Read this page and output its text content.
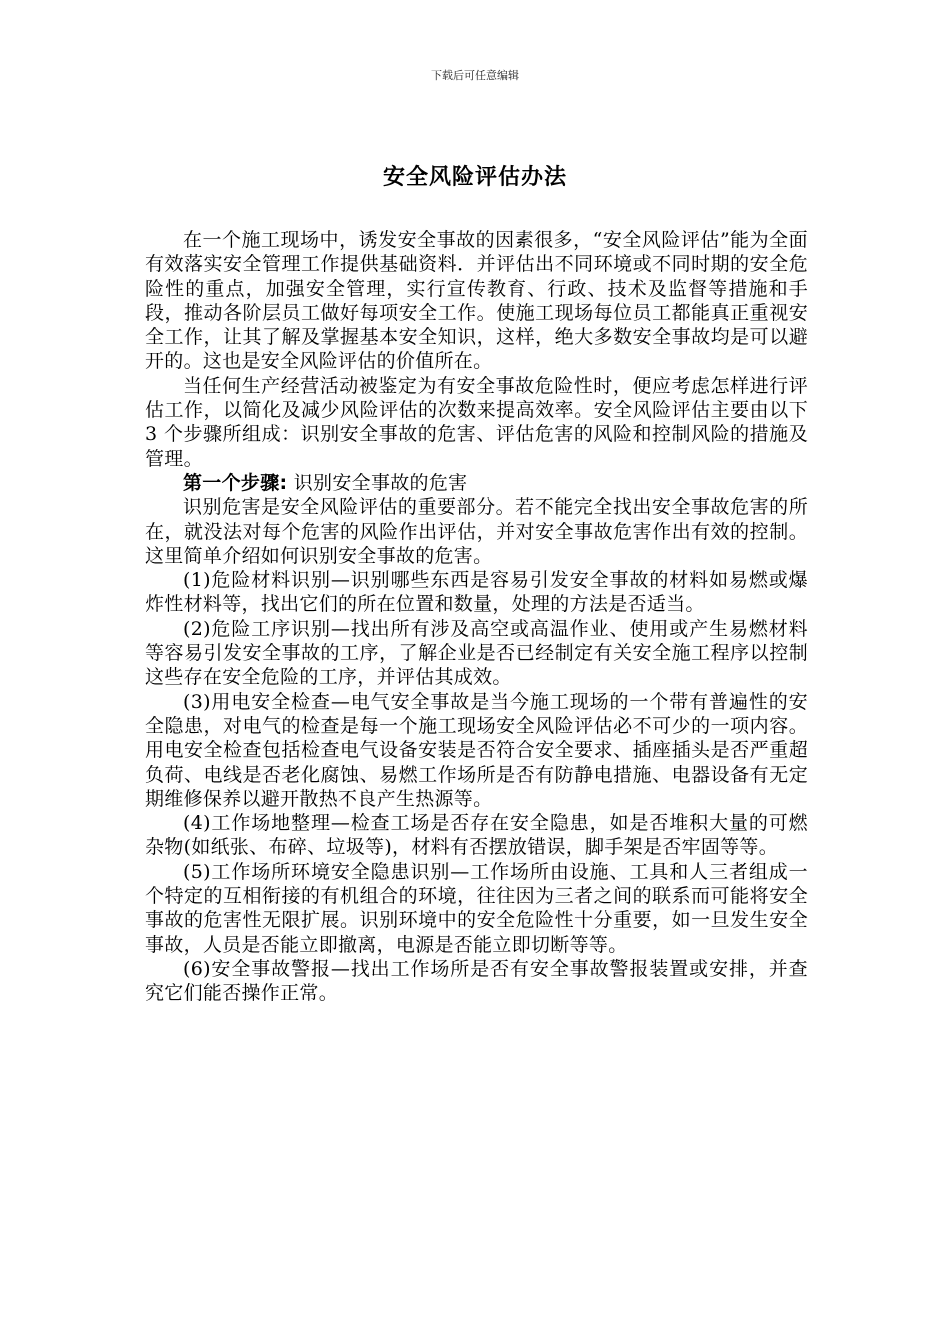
下载后可任意编辑
安全风险评估办法

在一个施工现场中，诱发安全事故的因素很多，“安全风险评估”能为全面有效落实安全管理工作提供基础资料．并评估出不同环境或不同时期的安全危险性的重点，加强安全管理，实行宣传教育、行政、技术及监督等措施和手段，推动各阶层员工做好每项安全工作。使施工现场每位员工都能真正重视安全工作，让其了解及掌握基本安全知识，这样，绝大多数安全事故均是可以避开的。这也是安全风险评估的价值所在。

当任何生产经营活动被鉴定为有安全事故危险性时，便应考虑怎样进行评估工作，以简化及减少风险评估的次数来提高效率。安全风险评估主要由以下 3 个步骤所组成：识别安全事故的危害、评估危害的风险和控制风险的措施及管理。

第一个步骤: 识别安全事故的危害

识别危害是安全风险评估的重要部分。若不能完全找出安全事故危害的所在，就没法对每个危害的风险作出评估，并对安全事故危害作出有效的控制。这里简单介绍如何识别安全事故的危害。

(1)危险材料识别—识别哪些东西是容易引发安全事故的材料如易燃或爆炸性材料等，找出它们的所在位置和数量，处理的方法是否适当。

(2)危险工序识别—找出所有涉及高空或高温作业、使用或产生易燃材料等容易引发安全事故的工序，了解企业是否已经制定有关安全施工程序以控制这些存在安全危险的工序，并评估其成效。

(3)用电安全检查—电气安全事故是当今施工现场的一个带有普遍性的安全隐患，对电气的检查是每一个施工现场安全风险评估必不可少的一项内容。用电安全检查包括检查电气设备安装是否符合安全要求、插座插头是否严重超负荷、电线是否老化腐蚀、易燃工作场所是否有防静电措施、电器设备有无定期维修保养以避开散热不良产生热源等。

(4)工作场地整理—检查工场是否存在安全隐患，如是否堆积大量的可燃杂物(如纸张、布碎、垃圾等)，材料有否摆放错误，脚手架是否牢固等等。

(5)工作场所环境安全隐患识别—工作场所由设施、工具和人三者组成一个特定的互相衔接的有机组合的环境，往往因为三者之间的联系而可能将安全事故的危害性无限扩展。识别环境中的安全危险性十分重要，如一旦发生安全事故，人员是否能立即撤离，电源是否能立即切断等等。

(6)安全事故警报—找出工作场所是否有安全事故警报装置或安排，并查究它们能否操作正常。
